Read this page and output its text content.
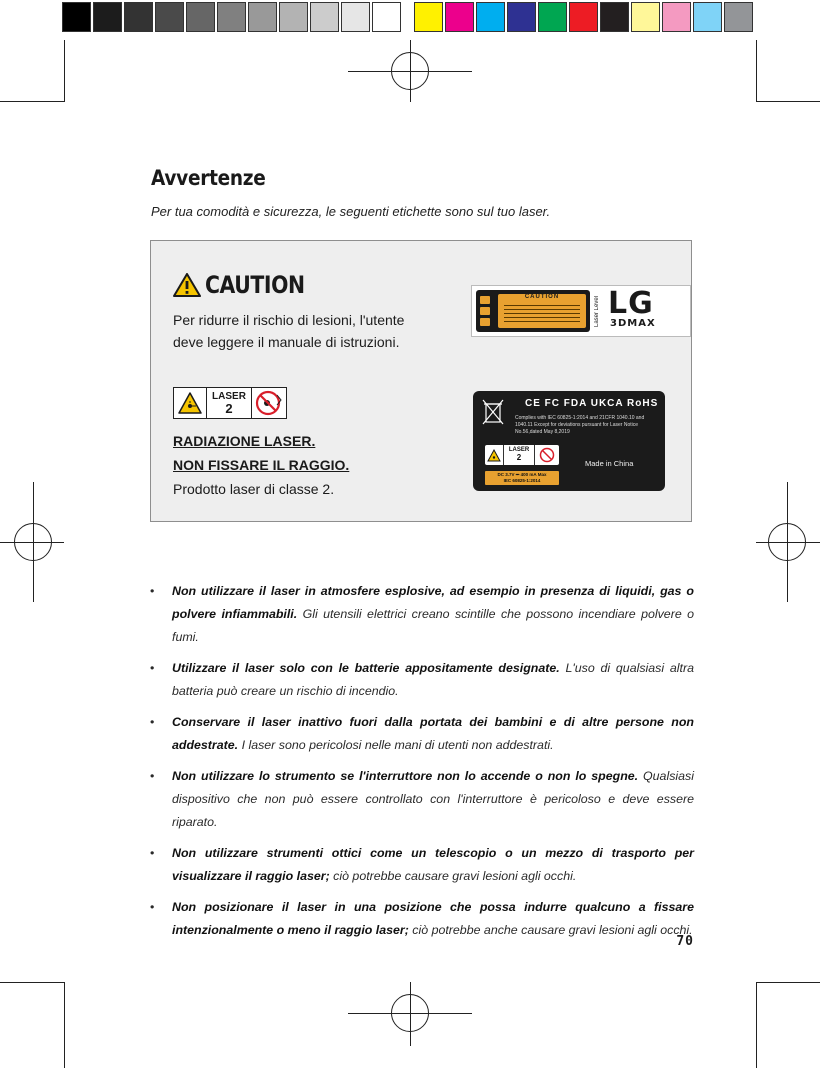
Avvertenze
Per tua comodità e sicurezza, le seguenti etichette sono sul tuo laser.
CAUTION
Per ridurre il rischio di lesioni, l'utente deve leggere il manuale di istruzioni.
LASER
2
RADIAZIONE LASER.
NON FISSARE IL RAGGIO.
Prodotto laser di classe 2.
CAUTION	Laser Level LG
3DMAX
CE FC FDA UKCA RoHS
Complies with IEC 60825-1:2014 and 21CFR 1040.10 and 1040.11 Except for deviations pursuant for Laser Notice No.56,dated May 8,2019
LASER
2
Made in China
DC 3.7V ⎓ 400 mA Max
IEC 60825-1:2014
• Non utilizzare il laser in atmosfere esplosive, ad esempio in presenza di liquidi, gas o polvere infiammabili. Gli utensili elettrici creano scintille che possono incendiare polvere o fumi.
• Utilizzare il laser solo con le batterie appositamente designate. L'uso di qualsiasi altra batteria può creare un rischio di incendio.
• Conservare il laser inattivo fuori dalla portata dei bambini e di altre persone non addestrate. I laser sono pericolosi nelle mani di utenti non addestrati.
• Non utilizzare lo strumento se l'interruttore non lo accende o non lo spegne. Qualsiasi dispositivo che non può essere controllato con l'interruttore è pericoloso e deve essere riparato.
• Non utilizzare strumenti ottici come un telescopio o un mezzo di trasporto per visualizzare il raggio laser; ciò potrebbe causare gravi lesioni agli occhi.
• Non posizionare il laser in una posizione che possa indurre qualcuno a fissare intenzionalmente o meno il raggio laser; ciò potrebbe anche causare gravi lesioni agli occhi.
70
